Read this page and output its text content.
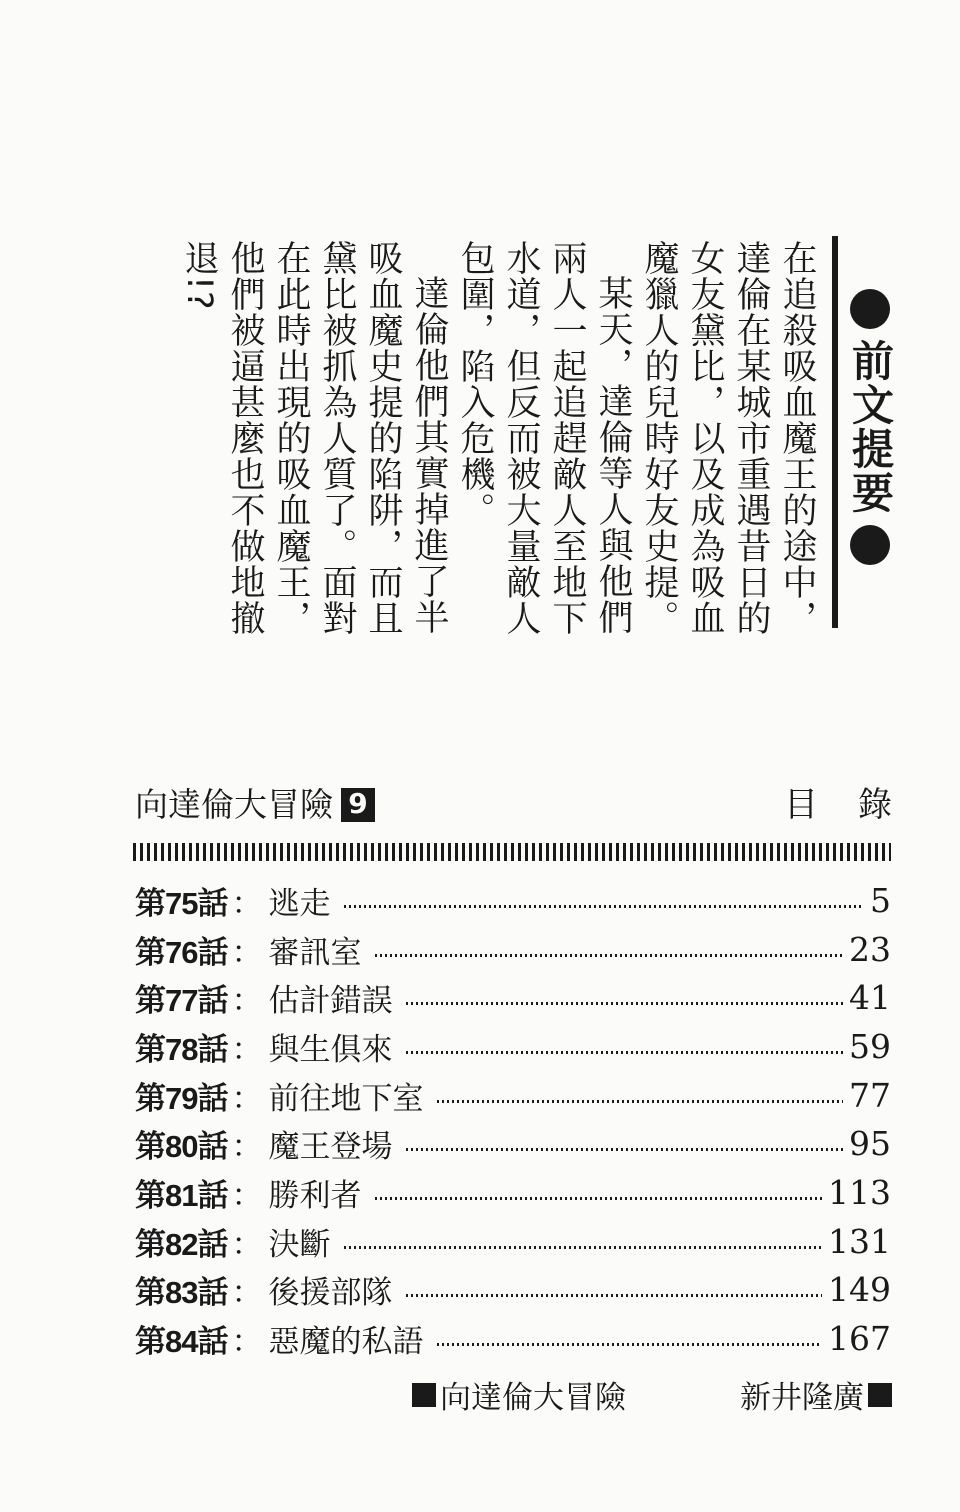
前文提要

在追殺吸血魔王的途中，達倫在某城市重遇昔日的女友黛比，以及成為吸血魔獵人的兒時好友史提。

某天，達倫等人與他們兩人一起追趕敵人至地下水道，但反而被大量敵人包圍，陷入危機。

達倫他們其實掉進了半吸血魔史提的陷阱，而且黛比被抓為人質了。面對在此時出現的吸血魔王，他們被逼甚麼也不做地撤退!?

向達倫大冒險 9	目錄
第75話 ： 逃走	5
第76話 ： 審訊室	23
第77話 ： 估計錯誤	41
第78話 ： 與生俱來	59
第79話 ： 前往地下室	77
第80話 ： 魔王登場	95
第81話 ： 勝利者	113
第82話 ： 決斷	131
第83話 ： 後援部隊	149
第84話 ： 惡魔的私語	167
向達倫大冒險	新井隆廣
